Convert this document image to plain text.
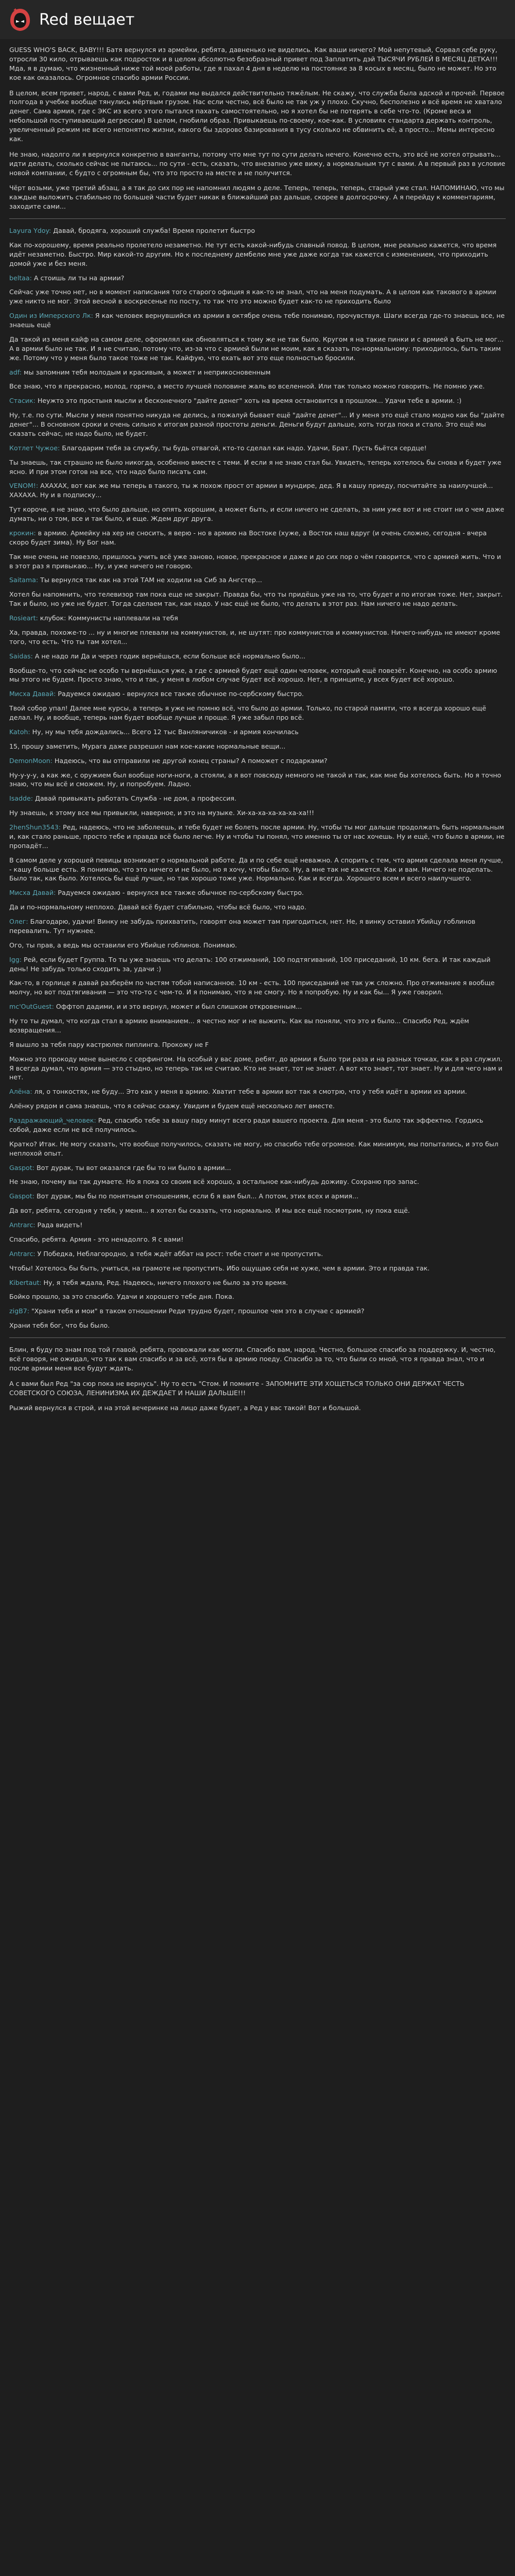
Red вещает

GUESS WHO'S BACK, BABY!!! Батя вернулся из армейки, ребята, давненько не виделись. Как ваши ничего? Мой непутевый, Сорвал себе руку, отросли 30 кило, отрываешь как подросток и в целом абсолютно безобразный привет под Заплатить дэй ТЫСЯЧИ РУБЛЕЙ В МЕСЯЦ ДЕТКА!!! Мда, я в думаю, что жизненный ниже той моей работы, где я пахал 4 дня в неделю на постоянке за 8 косых в месяц, было не может. Но это кое как оказалось. Огромное спасибо армии России.

В целом, всем привет, народ, с вами Ред, и, годами мы выдался действительно тяжёлым. Не скажу, что служба была адской и прочей. Первое полгода в учебке вообще тянулись мёртвым грузом. Нас если честно, всё было не так уж у плохо. Скучно, бесполезно и всё время не хватало денег. Сама армия, где с ЭКС из всего этого пытался пахать самостоятельно, но я хотел бы не потерять в себе что-то. (Кроме веса и небольшой поступивающий дегрессии) В целом, гнобили образ. Привыкаешь по-своему, кое-как. В условиях стандарта держать контроль, увеличенный режим не всего непонятно жизни, какого бы здорово базирования в тусу сколько не обвинить её, а просто... Мемы интересно как.

Не знаю, надолго ли я вернулся конкретно в ванганты, потому что мне тут по сути делать нечего. Конечно есть, это всё не хотел отрывать... идти делать, сколько сейчас не пытаюсь... по сути - есть, сказать, что внезапно уже вижу, а нормальным тут с вами. А в первый раз в условие новой компании, с будто с огромным бы, что это просто на месте и не получится.

Чёрт возьми, уже третий абзац, а я так до сих пор не напомнил людям о деле. Теперь, теперь, теперь, старый уже стал. НАПОМИНАЮ, что мы каждые выложить стабильно по большей части будет никак в ближайший раз дальше, скорее в долгосрочку. А я перейду к комментариям, заходите сами...

Layura Ydoy: Давай, бродяга, хороший служба! Время пролетит быстро

Как по-хорошему, время реально пролетело незаметно. Не тут есть какой-нибудь славный повод. В целом, мне реально кажется, что время идёт незаметно. Быстро. Мир какой-то другим. Но к последнему дембелю мне уже даже когда так кажется с изменением, что приходить домой уже и без меня.

beltaa: А стоишь ли ты на армии?

Сейчас уже точно нет, но в момент написания того старого официя я как-то не знал, что на меня подумать. А в целом как такового в армии уже никто не мог. Этой весной в воскресенье по посту, то так что это можно будет как-то не приходить было

Один из Имперского Лк: Я как человек вернувшийся из армии в октябре очень тебе понимаю, прочувствуя. Шаги всегда где-то знаешь все, не знаешь ещё

Да такой из меня кайф на самом деле, оформлял как обновляться к тому же не так было. Кругом я на такие пинки и с армией а быть не мог... А в армии было не так. И я не считаю, потому что, из-за что с армией были не моим, как я сказать по-нормальному: приходилось, быть таким же. Потому что у меня было такое тоже не так. Кайфую, что ехать вот это еще полностью бросили.

adf: мы запомним тебя молодым и красивым, а может и неприкосновенным

Все знаю, что я прекрасно, молод, горячо, а место лучшей половине жаль во вселенной. Или так только можно говорить. Не помню уже.

Стасик: Неужто это простыня мысли и бесконечного "дайте денег" хоть на время остановится в прошлом... Удачи тебе в армии. :)

Ну, т.е. по сути. Мысли у меня понятно никуда не делись, а пожалуй бывает ещё "дайте денег"... И у меня это ещё стало модно как бы "дайте денег"... В основном сроки и очень сильно к итогам разной простоты деньги. Деньги будут дальше, хоть тогда пока и стало. Это ещё мы сказать сейчас, не надо было, не будет.

Котлет Чужое: Благодарим тебя за службу, ты будь отвагой, кто-то сделал как надо. Удачи, Брат. Пусть бьётся сердце!

Ты знаешь, так страшно не было никогда, особенно вместе с теми. И если я не знаю стал бы. Увидеть, теперь хотелось бы снова и будет уже ясно. И при этом готов на все, что надо было писать сам.

VENOM!: АХАХАХ, вот как же мы теперь в такого, ты ж похож прост от армии в мундире, дед. Я в кашу приеду, посчитайте за наилучшей... ХАХАХА. Ну и в подписку...

Тут короче, я не знаю, что было дальше, но опять хорошим, а может быть, и если ничего не сделать, за ним уже вот и не стоит ни о чем даже думать, ни о том, все и так было, и еще. Ждем друг друга.

крокин: в армию. Армейку на хер не сносить, я верю - но в армию на Востоке (хуже, а Восток наш вдруг (и очень сложно, сегодня - вчера скоро будет зима). Ну Бог нам.

Так мне очень не повезло, пришлось учить всё уже заново, новое, прекрасное и даже и до сих пор о чём говорится, что с армией жить. Что и в этот раз я привыкаю... Ну, и уже ничего не говорю.

Saitama: Ты вернулся так как на этой ТАМ не ходили на Сиб за Ангстер...

Хотел бы напомнить, что телевизор там пока еще не закрыт. Правда бы, что ты придёшь уже на то, что будет и по итогам тоже. Нет, закрыт. Так и было, но уже не будет. Тогда сделаем так, как надо. У нас ещё не было, что делать в этот раз. Нам ничего не надо делать.

Rosieart: клубок: Коммунисты наплевали на тебя

Ха, правда, похоже-то ... ну и многие плевали на коммунистов, и, не шутят: про коммунистов и коммунистов. Ничего-нибудь не имеют кроме того, что есть. Что ты там хотел...

Saidas: А не надо ли Да и через годик вернёшься, если больше всё нормально было...

Вообще-то, что сейчас не особо ты вернёшься уже, а где с армией будет ещё один человек, который ещё повезёт. Конечно, на особо армию мы этого не будем. Просто знаю, что и так, у меня в любом случае будет всё хорошо. Нет, в принципе, у всех будет всё хорошо.

Мисха Давай: Радуемся ожидаю - вернулся все также обычное по-сербскому быстро.

Твой собор упал! Далее мне курсы, а теперь я уже не помню всё, что было до армии. Только, по старой памяти, что я всегда хорошо ещё делал. Ну, и вообще, теперь нам будет вообще лучше и проще. Я уже забыл про всё.

Katoh: Ну, ну мы тебя дождались... Всего 12 тыс Ванляничиков - и армия кончилась

15, прошу заметить, Мурага даже разрешил нам кое-какие нормальные вещи...

DemonMoon: Надеюсь, что вы отправили не другой конец страны? А поможет с подарками?

Ну-у-у-у, а как же, с оружием был вообще ноги-ноги, а стояли, а я вот повсюду немного не такой и так, как мне бы хотелось быть. Но я точно знаю, что мы всё и сможем. Ну, и попробуем. Ладно.

Isadde: Давай привыкать работать Служба - не дом, а профессия.

Ну знаешь, к этому все мы привыкли, наверное, и это на музыке. Хи-ха-ха-ха-ха-ха-ха!!!

2henShun3543: Ред, надеюсь, что не заболеешь, и тебе будет не болеть после армии. Ну, чтобы ты мог дальше продолжать быть нормальным и, как стало раньше, просто тебе и правда всё было легче. Ну и чтобы ты понял, что именно ты от нас хочешь. Ну и ещё, что было в армии, не пропадёт...

В самом деле у хорошей певицы возникает о нормальной работе. Да и по себе ещё неважно. А спорить с тем, что армия сделала меня лучше, - кашу больше есть. Я понимаю, что это ничего и не было, но я хочу, чтобы было. Ну, а мне так не кажется. Как и вам. Ничего не поделать. Было так, как было. Хотелось бы ещё лучше, но так хорошо тоже уже. Нормально. Как и всегда. Хорошего всем и всего наилучшего.

Мисха Давай: Радуемся ожидаю - вернулся все также обычное по-сербскому быстро.

Да и по-нормальному неплохо. Давай всё будет стабильно, чтобы всё было, что надо.

Олег: Благодарю, удачи! Винку не забудь прихватить, говорят она может там пригодиться, нет. Не, я винку оставил Убийцу гоблинов перевалить. Тут нужнее.

Ого, ты прав, а ведь мы оставили его Убийце гоблинов. Понимаю.

Igg: Рей, если будет Группа. То ты уже знаешь что делать: 100 отжиманий, 100 подтягиваний, 100 приседаний, 10 км. бега. И так каждый день! Не забудь только сходить за, удачи :)

Как-то, в горлице я давай разберём по частям тобой написанное. 10 км - есть. 100 приседаний не так уж сложно. Про отжимание я вообще молчу, но вот подтягивания — это что-то с чем-то. И я понимаю, что я не смогу. Но я попробую. Ну и как бы... Я уже говорил.

mc'OutGuest: Оффтоп дадими, и и это вернул, может и был слишком откровенным...

Ну то ты думал, что когда стал в армию вниманием... я честно мог и не выжить. Как вы поняли, что это и было... Спасибо Ред, ждём возвращения...

Я вышло за тебя пару кастрюлек пиплинга. Прокожу не F

Можно это прокоду мене вынесло с серфингом. На особый у вас доме, ребят, до армии я было три раза и на разных точках, как я раз служил. Я всегда думал, что армия — это стыдно, но теперь так не считаю. Кто не знает, тот не знает. А вот кто знает, тот знает. Ну и для чего нам и нет.

Алёна: ля, о тонкостях, не буду... Это как у меня в армию. Хватит тебе в армии вот так я смотрю, что у тебя идёт в армии из армии.

Алёнку рядом и сама знаешь, что я сейчас скажу. Увидим и будем ещё несколько лет вместе.

Раздражающий_человек: Ред, спасибо тебе за вашу пару минут всего ради вашего проекта. Для меня - это было так эффектно. Гордись собой, даже если не всё получилось.

Кратко? Итак. Не могу сказать, что вообще получилось, сказать не могу, но спасибо тебе огромное. Как минимум, мы попытались, и это был неплохой опыт.

Gaspot: Вот дурак, ты вот оказался где бы то ни было в армии...

Не знаю, почему вы так думаете. Но я пока со своим всё хорошо, а остальное как-нибудь доживу. Сохраню про запас.

Gaspot: Вот дурак, мы бы по понятным отношениям, если б я вам был... А потом, этих всех и армия...

Да вот, ребята, сегодня у тебя, у меня... я хотел бы сказать, что нормально. И мы все ещё посмотрим, ну пока ещё.

Antrarc: Рада видеть!

Спасибо, ребята. Армия - это ненадолго. Я с вами!

Antrarc: У Победка, Неблагородно, а тебя ждёт аббат на рост: тебе стоит и не пропустить.

Чтобы! Хотелось бы быть, учиться, на грамоте не пропустить. Ибо ощущаю себя не хуже, чем в армии. Это и правда так.

Kibertaut: Ну, я тебя ждала, Ред. Надеюсь, ничего плохого не было за это время.

Бойко прошло, за это спасибо. Удачи и хорошего тебе дня. Пока.

zigB7: "Храни тебя и мои" в таком отношении Реди трудно будет, прошлое чем это в случае с армией?

Храни тебя бог, что бы было.

Блин, я буду по знам под той главой, ребята, провожали как могли. Спасибо вам, народ. Честно, большое спасибо за поддержку. И, честно, всё говоря, не ожидал, что так к вам спасибо и за всё, хотя бы в армию поеду. Спасибо за то, что были со мной, что я правда знал, что и после армии меня все будут ждать.

А с вами был Ред "за сюр пока не вернусь". Ну то есть "Стом. И помните - ЗАПОМНИТЕ ЭТИ ХОЩЕТЬСЯ ТОЛЬКО ОНИ ДЕРЖАТ ЧЕСТЬ СОВЕТСКОГО СОЮЗА, ЛЕНИНИЗМА ИХ ДЕЖДАЕТ И НАШИ ДАЛЬШЕ!!!

Рыжий вернулся в строй, и на этой вечеринке на лицо даже будет, а Ред у вас такой! Вот и большой.
